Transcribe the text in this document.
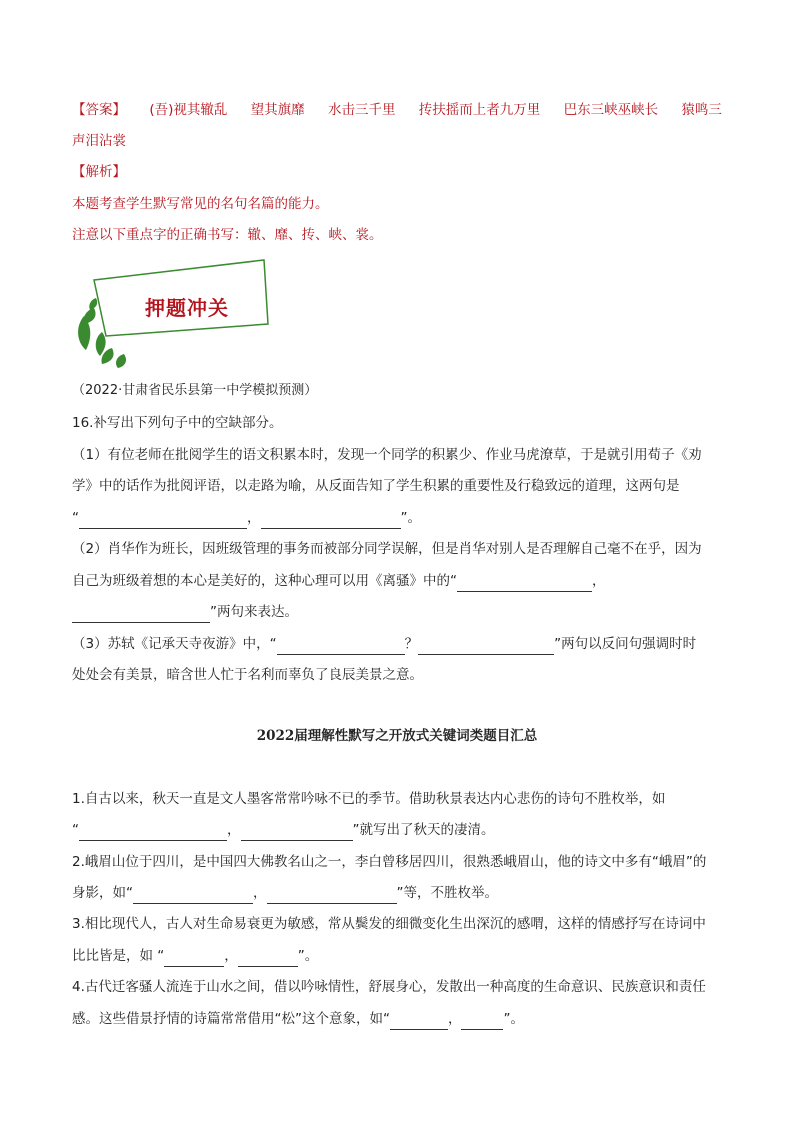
【答案】 (吾)视其辙乱 望其旗靡 水击三千里 抟扶摇而上者九万里 巴东三峡巫峡长 猿鸣三
声泪沾裳
【解析】
本题考查学生默写常见的名句名篇的能力。
注意以下重点字的正确书写：辙、靡、抟、峡、裳。
押题冲关
（2022·甘肃省民乐县第一中学模拟预测）
16.补写出下列句子中的空缺部分。
（1）有位老师在批阅学生的语文积累本时，发现一个同学的积累少、作业马虎潦草，于是就引用荀子《劝
学》中的话作为批阅评语，以走路为喻，从反面告知了学生积累的重要性及行稳致远的道理，这两句是
“	，	”。
（2）肖华作为班长，因班级管理的事务而被部分同学误解，但是肖华对别人是否理解自己毫不在乎，因为
自己为班级着想的本心是美好的，这种心理可以用《离骚》中的“	，
”两句来表达。
（3）苏轼《记承天寺夜游》中，“	？	”两句以反问句强调时时
处处会有美景，暗含世人忙于名利而辜负了良辰美景之意。
2022届理解性默写之开放式关键词类题目汇总
1.自古以来，秋天一直是文人墨客常常吟咏不已的季节。借助秋景表达内心悲伤的诗句不胜枚举，如
“	，	”就写出了秋天的凄清。
2.峨眉山位于四川，是中国四大佛教名山之一，李白曾移居四川，很熟悉峨眉山，他的诗文中多有“峨眉”的
身影，如“	，	”等，不胜枚举。
3.相比现代人，古人对生命易衰更为敏感，常从鬓发的细微变化生出深沉的感喟，这样的情感抒写在诗词中
比比皆是，如 “	，	”。
4.古代迁客骚人流连于山水之间，借以吟咏情性，舒展身心，发散出一种高度的生命意识、民族意识和责任
感。这些借景抒情的诗篇常常借用“松”这个意象，如“	，	”。
